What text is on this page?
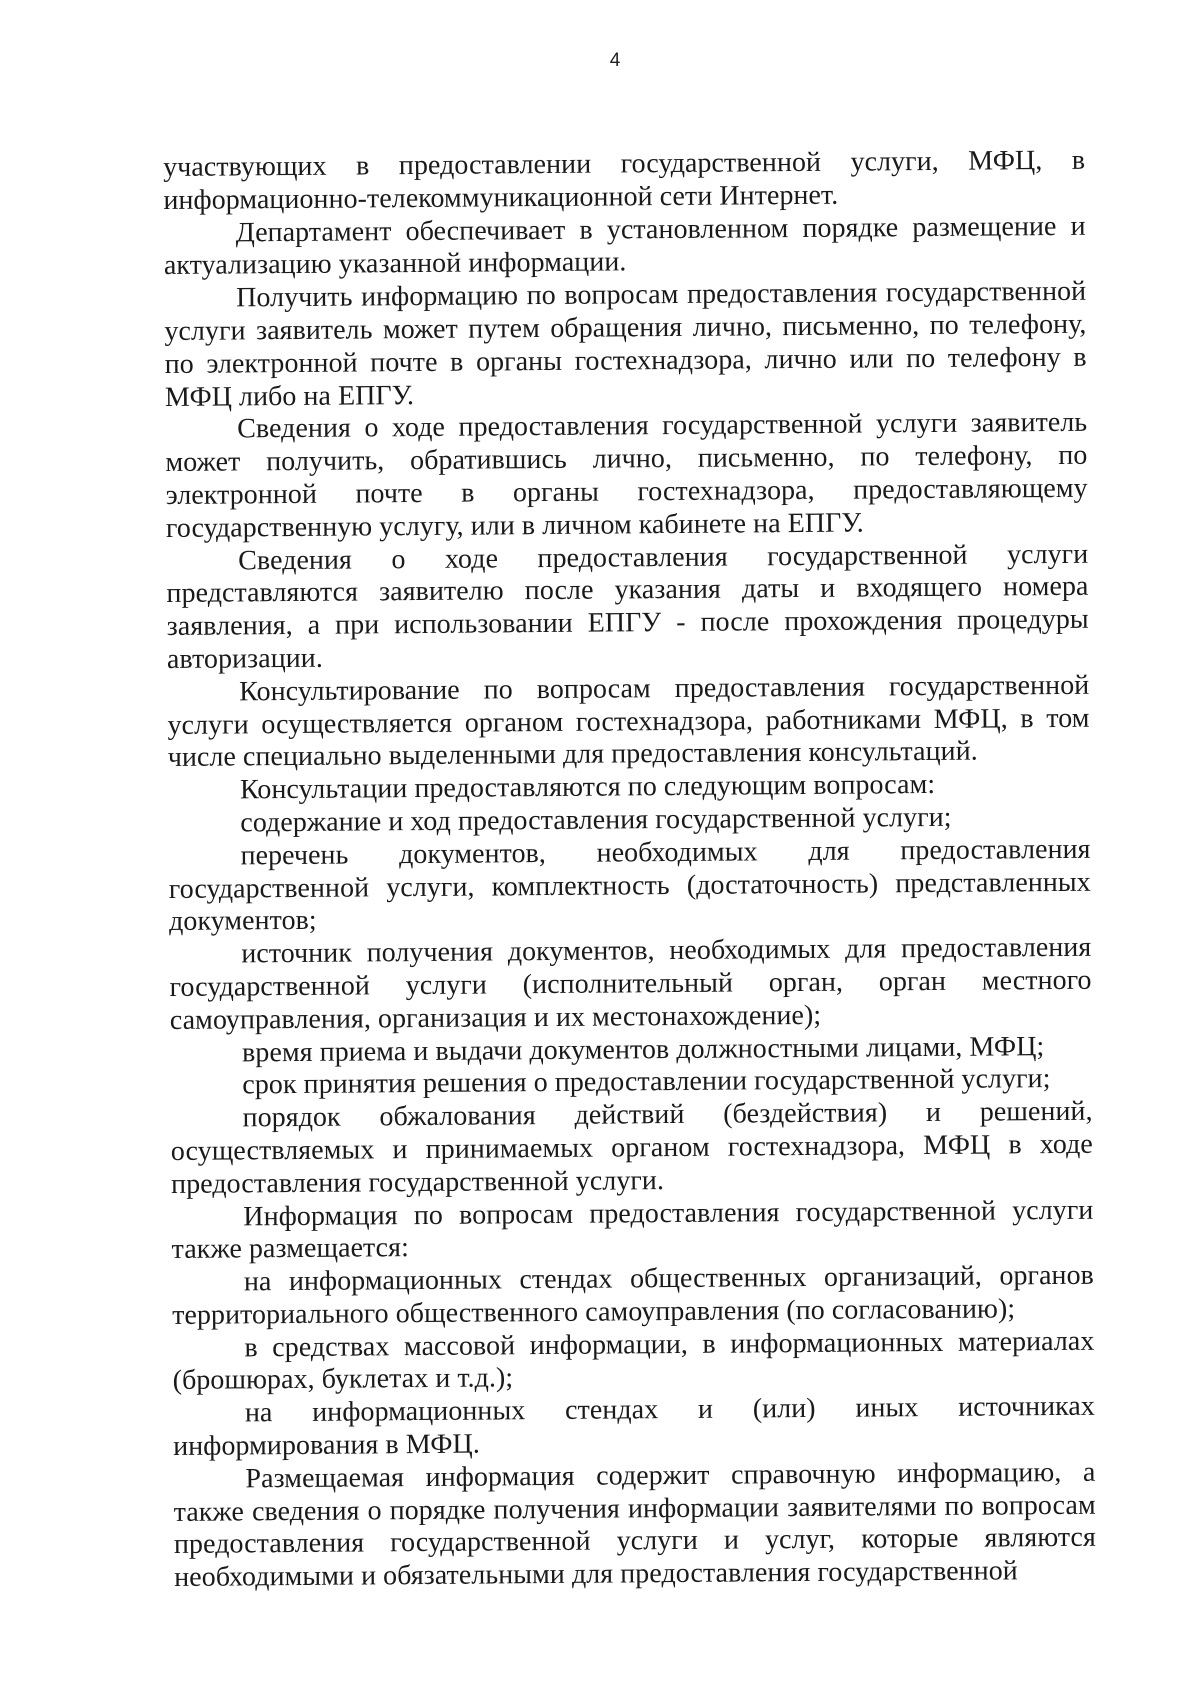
4

участвующих в предоставлении государственной услуги, МФЦ, в информационно-телекоммуникационной сети Интернет.

Департамент обеспечивает в установленном порядке размещение и актуализацию указанной информации.

Получить информацию по вопросам предоставления государственной услуги заявитель может путем обращения лично, письменно, по телефону, по электронной почте в органы гостехнадзора, лично или по телефону в МФЦ либо на ЕПГУ.

Сведения о ходе предоставления государственной услуги заявитель может получить, обратившись лично, письменно, по телефону, по электронной почте в органы гостехнадзора, предоставляющему государственную услугу, или в личном кабинете на ЕПГУ.

Сведения о ходе предоставления государственной услуги представляются заявителю после указания даты и входящего номера заявления, а при использовании ЕПГУ - после прохождения процедуры авторизации.

Консультирование по вопросам предоставления государственной услуги осуществляется органом гостехнадзора, работниками МФЦ, в том числе специально выделенными для предоставления консультаций.

Консультации предоставляются по следующим вопросам:

содержание и ход предоставления государственной услуги;

перечень документов, необходимых для предоставления государственной услуги, комплектность (достаточность) представленных документов;

источник получения документов, необходимых для предоставления государственной услуги (исполнительный орган, орган местного самоуправления, организация и их местонахождение);

время приема и выдачи документов должностными лицами, МФЦ;

срок принятия решения о предоставлении государственной услуги;

порядок обжалования действий (бездействия) и решений, осуществляемых и принимаемых органом гостехнадзора, МФЦ в ходе предоставления государственной услуги.

Информация по вопросам предоставления государственной услуги также размещается:

на информационных стендах общественных организаций, органов территориального общественного самоуправления (по согласованию);

в средствах массовой информации, в информационных материалах (брошюрах, буклетах и т.д.);

на информационных стендах и (или) иных источниках информирования в МФЦ.

Размещаемая информация содержит справочную информацию, а также сведения о порядке получения информации заявителями по вопросам предоставления государственной услуги и услуг, которые являются необходимыми и обязательными для предоставления государственной
